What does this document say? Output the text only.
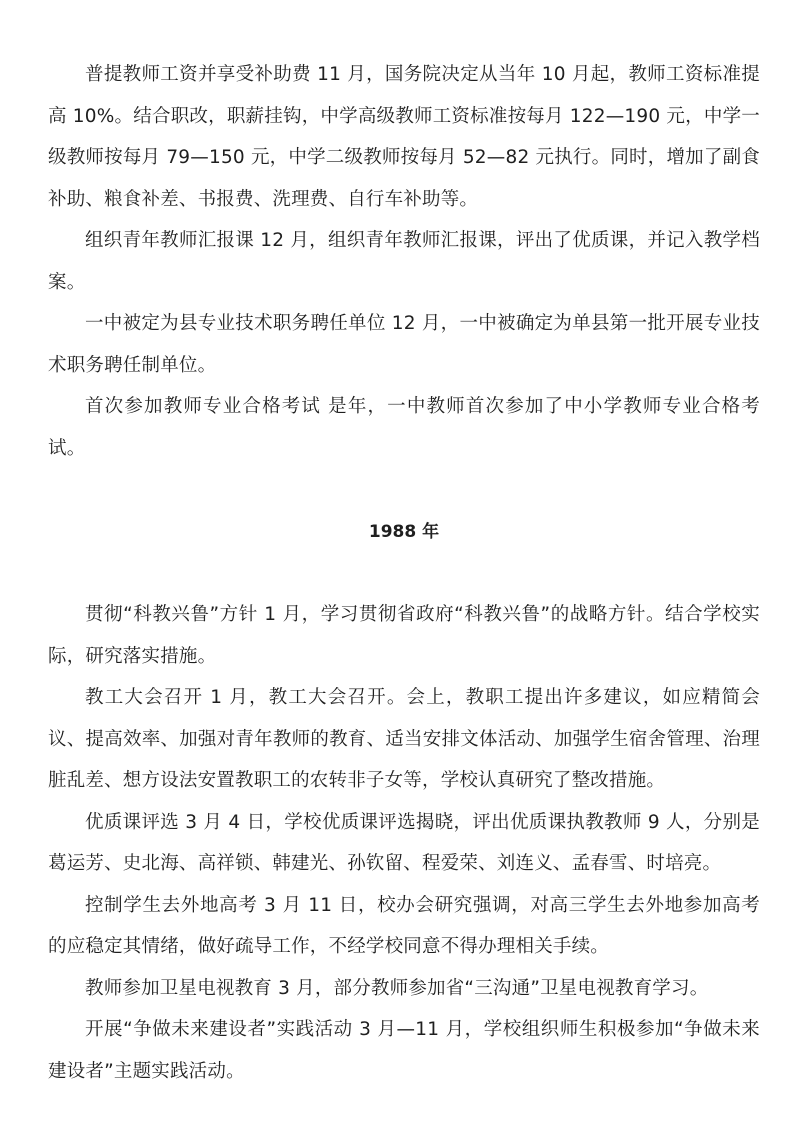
普提教师工资并享受补助费 11 月，国务院决定从当年 10 月起，教师工资标准提高 10%。结合职改，职薪挂钩，中学高级教师工资标准按每月 122—190 元，中学一级教师按每月 79—150 元，中学二级教师按每月 52—82 元执行。同时，增加了副食补助、粮食补差、书报费、洗理费、自行车补助等。

组织青年教师汇报课 12 月，组织青年教师汇报课，评出了优质课，并记入教学档案。

一中被定为县专业技术职务聘任单位 12 月，一中被确定为单县第一批开展专业技术职务聘任制单位。

首次参加教师专业合格考试 是年，一中教师首次参加了中小学教师专业合格考试。

1988 年

贯彻“科教兴鲁”方针 1 月，学习贯彻省政府“科教兴鲁”的战略方针。结合学校实际，研究落实措施。

教工大会召开 1 月，教工大会召开。会上，教职工提出许多建议，如应精简会议、提高效率、加强对青年教师的教育、适当安排文体活动、加强学生宿舍管理、治理脏乱差、想方设法安置教职工的农转非子女等，学校认真研究了整改措施。

优质课评选 3 月 4 日，学校优质课评选揭晓，评出优质课执教教师 9 人，分别是葛运芳、史北海、高祥锁、韩建光、孙钦留、程爱荣、刘连义、孟春雪、时培亮。

控制学生去外地高考 3 月 11 日，校办会研究强调，对高三学生去外地参加高考的应稳定其情绪，做好疏导工作，不经学校同意不得办理相关手续。

教师参加卫星电视教育 3 月，部分教师参加省“三沟通”卫星电视教育学习。

开展“争做未来建设者”实践活动 3 月—11 月，学校组织师生积极参加“争做未来建设者”主题实践活动。
